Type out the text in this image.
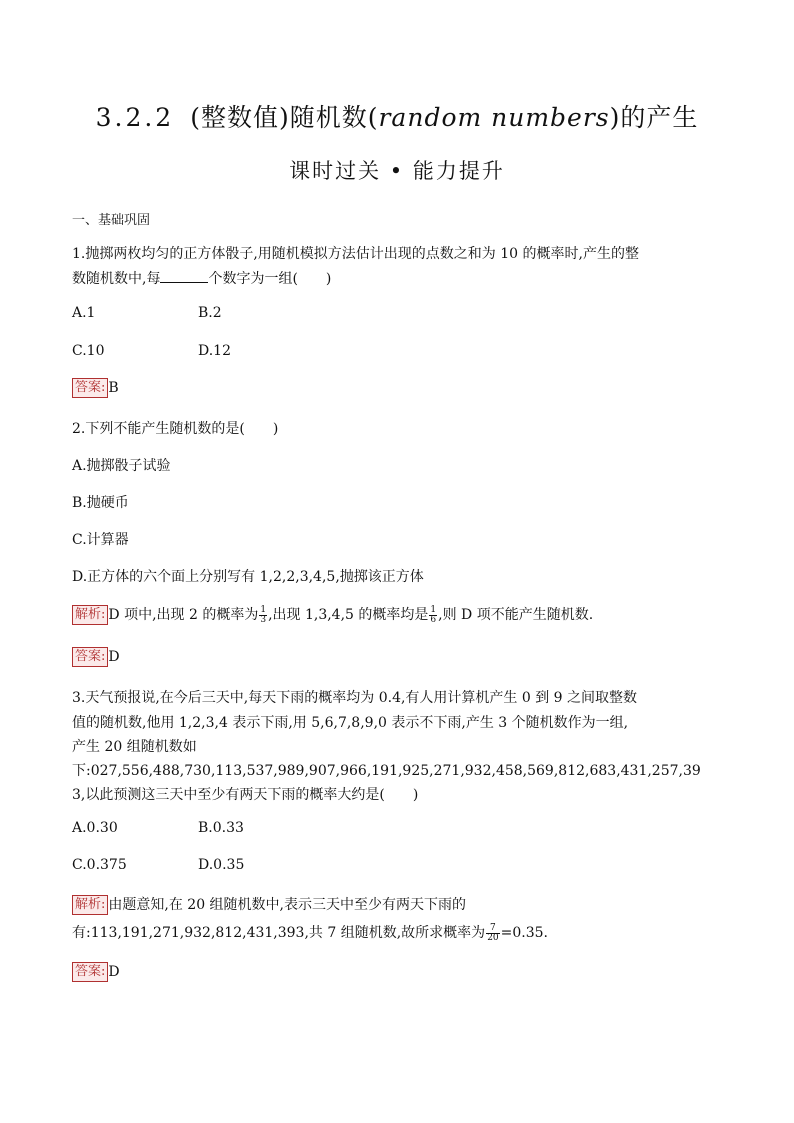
3.2.2 (整数值)随机数(random numbers)的产生
课时过关 • 能力提升
一、基础巩固
1.抛掷两枚均匀的正方体骰子,用随机模拟方法估计出现的点数之和为 10 的概率时,产生的整
数随机数中,每	个数字为一组(　　)
A.1	B.2
C.10	D.12
答案: B
2.下列不能产生随机数的是(　　)
A.抛掷骰子试验
B.抛硬币
C.计算器
D.正方体的六个面上分别写有 1,2,2,3,4,5,抛掷该正方体
解析: D 项中,出现 2 的概率为 $\frac{1}{3}$ ,出现 1,3,4,5 的概率均是 $\frac{1}{6}$ ,则 D 项不能产生随机数.
答案: D
3.天气预报说,在今后三天中,每天下雨的概率均为 0.4,有人用计算机产生 0 到 9 之间取整数
值的随机数,他用 1,2,3,4 表示下雨,用 5,6,7,8,9,0 表示不下雨,产生 3 个随机数作为一组,
产生 20 组随机数如
下:027,556,488,730,113,537,989,907,966,191,925,271,932,458,569,812,683,431,257,39
3,以此预测这三天中至少有两天下雨的概率大约是(　　)
A.0.30	B.0.33
C.0.375	D.0.35
解析: 由题意知,在 20 组随机数中,表示三天中至少有两天下雨的
有:113,191,271,932,812,431,393,共 7 组随机数,故所求概率为 $\frac{7}{20} =0.35$.
答案: D
